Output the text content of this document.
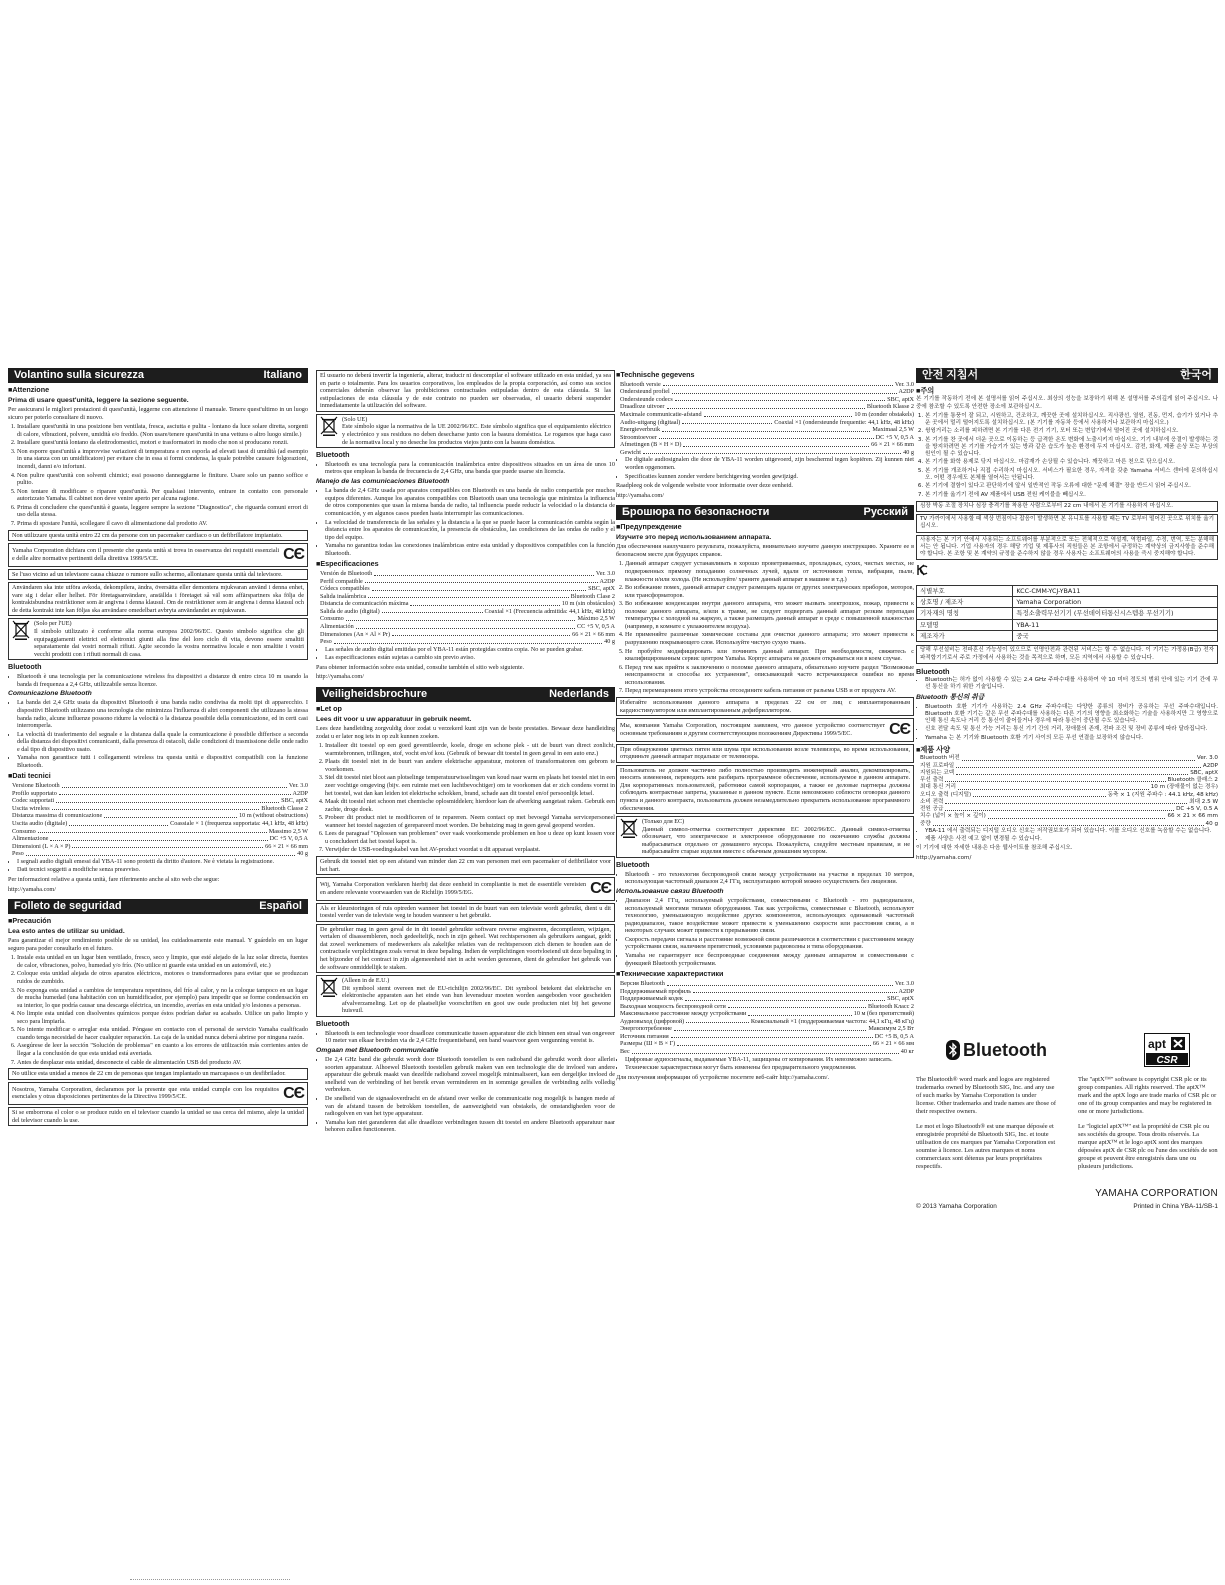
Volantino sulla sicurezza	Italiano
■Attenzione
Prima di usare quest'unità, leggere la sezione seguente.

Per assicurarsi le migliori prestazioni di quest'unità, leggerne con attenzione il manuale. Tenere quest'ultimo in un luogo sicuro per poterlo consultare di nuovo.

1. Installare quest'unità in una posizione ben ventilata, fresca, asciutta e pulita - lontano da luce solare diretta, sorgenti di calore, vibrazioni, polvere, umidità e/o freddo. (Non usare/tenere quest'unità in una vettura o altro luogo simile.)
2. Installare quest'unità lontano da elettrodomestici, motori e trasformatori in modo che non si producano ronzii.
3. Non esporre quest'unità a improvvise variazioni di temperatura e non esporla ad elevati tassi di umidità (ad esempio in una stanza con un umidificatore) per evitare che in essa si formi condensa, la quale potrebbe causare folgorazioni, incendi, danni e/o infortuni.
4. Non pulire quest'unità con solventi chimici; essi possono danneggiarne le finiture. Usare solo un panno soffice e pulito.
5. Non tentare di modificare o riparare quest'unità. Per qualsiasi intervento, entrare in contatto con personale autorizzato Yamaha. Il cabinet non deve venire aperto per alcuna ragione.
6. Prima di concludere che quest'unità è guasta, leggere sempre la sezione "Diagnostica", che riguarda comuni errori di uso della stessa.
7. Prima di spostare l'unità, scollegare il cavo di alimentazione dal prodotto AV.
Non utilizzare questa unità entro 22 cm da persone con un pacemaker cardiaco o un defibrillatore impiantato.
Yamaha Corporation dichiara con il presente che questa unità si trova in osservanza dei requisiti essenziali e delle altre normative pertinenti della direttiva 1999/5/CE.	CЄ
Se l'uso vicino ad un televisore causa chiazze o rumore sullo schermo, allontanare questa unità dal televisore.
Användaren ska inte utföra avkoda, dekompilera, ändra, översätta eller demontera mjukvaran använd i denna enhet, vare sig i delar eller helhet. För företagsanvändare, anställda i företaget så väl som affärspartners ska följa de kontraktsbundna restriktioner som är angivna i denna klausul. Om de restriktioner som är angivna i denna klausul och de detta kontrakt inte kan följas ska användare omedelbart avbryta användandet av mjukvaran.
(Solo per l'UE)
Il simbolo utilizzato è conforme alla norma europea 2002/96/EC. Questo simbolo significa che gli equipaggiamenti elettrici ed elettronici giunti alla fine del loro ciclo di vita, devono essere smaltiti separatamente dai vostri normali rifiuti. Agite secondo la vostra normativa locale e non smaltite i vostri vecchi prodotti con i rifiuti normali di casa.
Bluetooth
• Bluetooth è una tecnologia per la comunicazione wireless fra dispositivi a distanze di entro circa 10 m usando la banda di frequenza a 2,4 GHz, utilizzabile senza licenze.
Comunicazione Bluetooth
• La banda dei 2,4 GHz usata da dispositivi Bluetooth è una banda radio condivisa da molti tipi di apparecchio. I dispositivi Bluetooth utilizzano una tecnologia che minimizza l'influenza di altri componenti che utilizzano la stessa banda radio, alcune influenze possono ridurre la velocità o la distanza possibile della comunicazione, ed in certi casi interromperla.
• La velocità di trasferimento del segnale e la distanza dalla quale la comunicazione è possibile differisce a seconda della distanza dei dispositivi comunicanti, dalla presenza di ostacoli, dalle condizioni di trasmissione delle onde radio e dal tipo di dispositivo usato.
• Yamaha non garantisce tutti i collegamenti wireless tra questa unità e dispositivi compatibili con la funzione Bluetooth.
■Dati tecnici
Versione Bluetooth	Ver. 3.0
Profilo supportato	A2DP
Codec supportati	SBC, aptX
Uscita wireless	Bluetooth Classe 2
Distanza massima di comunicazione	10 m (without obstructions)
Uscita audio (digitale)	Coassiale × 1 (frequenza supportata: 44,1 kHz, 48 kHz)
Consumo	Massimo 2,5 W
Alimentazione	DC +5 V, 0,5 A
Dimensioni (L × A × P)	66 × 21 × 66 mm
Peso	40 g
• I segnali audio digitali emessi dal YBA-11 sono protetti da diritto d'autore. Ne è vietata la registrazione.
• Dati tecnici soggetti a modifiche senza preavviso.

Per informazioni relative a questa unità, fare riferimento anche al sito web che segue:

http://yamaha.com/

Folleto de seguridad	Español
■Precaución
Lea esto antes de utilizar su unidad.

Para garantizar el mejor rendimiento posible de su unidad, lea cuidadosamente este manual. Y guárdelo en un lugar seguro para poder consultarlo en el futuro.

1. Instale esta unidad en un lugar bien ventilado, fresco, seco y limpio, que esté alejado de la luz solar directa, fuentes de calor, vibraciones, polvo, humedad y/o frío. (No utilice ni guarde esta unidad en un automóvil, etc.)
2. Coloque esta unidad alejada de otros aparatos eléctricos, motores o transformadores para evitar que se produzcan ruidos de zumbido.
3. No exponga esta unidad a cambios de temperatura repentinos, del frío al calor, y no la coloque tampoco en un lugar de mucha humedad (una habitación con un humidificador, por ejemplo) para impedir que se forme condensación en su interior, lo que podría causar una descarga eléctrica, un incendio, averías en esta unidad y/o lesiones a personas.
4. No limpie esta unidad con disolventes químicos porque éstos podrían dañar su acabado. Utilice un paño limpio y seco para limpiarla.
5. No intente modificar o arreglar esta unidad. Póngase en contacto con el personal de servicio Yamaha cualificado cuando tenga necesidad de hacer cualquier reparación. La caja de la unidad nunca deberá abrirse por ninguna razón.
6. Asegúrese de leer la sección "Solución de problemas" en cuanto a los errores de utilización más corrientes antes de llegar a la conclusión de que esta unidad está averiada.
7. Antes de desplazar esta unidad, desconecte el cable de alimentación USB del producto AV.
No utilice esta unidad a menos de 22 cm de personas que tengan implantado un marcapasos o un desfibrilador.
Nosotros, Yamaha Corporation, declaramos por la presente que esta unidad cumple con los requisitos esenciales y otras disposiciones pertinentes de la Directiva 1999/5/CE.	CЄ
Si se emborrona el color o se produce ruido en el televisor cuando la unidad se usa cerca del mismo, aleje la unidad del televisor cuando la use.
El usuario no deberá invertir la ingeniería, alterar, traducir ni descompilar el software utilizado en esta unidad, ya sea en parte o totalmente. Para los usuarios corporativos, los empleados de la propia corporación, así como sus socios comerciales deberán observar las prohibiciones contractuales estipuladas dentro de esta cláusula. Si las estipulaciones de esta cláusula y de este contrato no pueden ser observadas, el usuario deberá suspender inmediatamente la utilización del software.
(Solo UE)
Este símbolo sigue la normativa de la UE 2002/96/EC. Este símbolo significa que el equipamiento eléctrico y electrónico y sus residuos no deben desecharse junto con la basura doméstica. Le rogamos que haga caso de la normativa local y no deseche los productos viejos junto con la basura doméstica.
Bluetooth
• Bluetooth es una tecnología para la comunicación inalámbrica entre dispositivos situados en un área de unos 10 metros que emplean la banda de frecuencia de 2,4 GHz, una banda que puede usarse sin licencia.
Manejo de las comunicaciones Bluetooth
• La banda de 2,4 GHz usada por aparatos compatibles con Bluetooth es una banda de radio compartida por muchos equipos diferentes. Aunque los aparatos compatibles con Bluetooth usan una tecnología que minimiza la influencia de otros componentes que usan la misma banda de radio, tal influencia puede reducir la velocidad o la distancia de comunicación, y en algunos casos pueden hasta interrumpir las comunicaciones.
• La velocidad de transferencia de las señales y la distancia a la que se puede hacer la comunicación cambia según la distancia entre los aparatos de comunicación, la presencia de obstáculos, las condiciones de las ondas de radio y el tipo del equipo.
• Yamaha no garantiza todas las conexiones inalámbricas entre esta unidad y dispositivos compatibles con la función Bluetooth.
■Especificaciones
Versión de Bluetooth	Ver. 3.0
Perfil compatible	A2DP
Códecs compatibles	SBC, aptX
Salida inalámbrica	Bluetooth Clase 2
Distancia de comunicación máxima	10 m (sin obstáculos)
Salida de audio (digital)	Coaxial ×1 (Frecuencia admitida: 44,1 kHz, 48 kHz)
Consumo	Máximo 2,5 W
Alimentación	CC +5 V, 0,5 A
Dimensiones (An × Al × Pr)	66 × 21 × 66 mm
Peso	40 g
• Las señales de audio digital emitidas por el YBA-11 están protegidas contra copia. No se pueden grabar.
• Las especificaciones están sujetas a cambio sin previo aviso.

Para obtener información sobre esta unidad, consulte también el sitio web siguiente.

http://yamaha.com/

Veiligheidsbrochure	Nederlands
■Let op
Lees dit voor u uw apparatuur in gebruik neemt.

Lees deze handleiding zorgvuldig door zodat u verzekerd kunt zijn van de beste prestaties. Bewaar deze handleiding zodat u er later nog iets in op zult kunnen zoeken.

1. Installeer dit toestel op een goed geventileerde, koele, droge en schone plek - uit de buurt van direct zonlicht, warmtebronnen, trillingen, stof, vocht en/of kou. (Gebruik of bewaar dit toestel in geen geval in een auto enz.)
2. Plaats dit toestel niet in de buurt van andere elektrische apparatuur, motoren of transformatoren om gebrom te voorkomen.
3. Stel dit toestel niet bloot aan plotselinge temperatuurwisselingen van koud naar warm en plaats het toestel niet in een zeer vochtige omgeving (bijv. een ruimte met een luchtbevochtiger) om te voorkomen dat er zich condens vormt in het toestel, wat dan kan leiden tot elektrische schokken, brand, schade aan dit toestel en/of persoonlijk letsel.
4. Maak dit toestel niet schoon met chemische oplosmiddelen; hierdoor kan de afwerking aangetast raken. Gebruik een zachte, droge doek.
5. Probeer dit product niet te modificeren of te repareren. Neem contact op met bevoegd Yamaha servicepersoneel wanneer het toestel nagezien of gerepareerd moet worden. De behuizing mag in geen geval geopend worden.
6. Lees de paragraaf "Oplossen van problemen" over vaak voorkomende problemen en hoe u deze op kunt lossen voor u concludeert dat het toestel kapot is.
7. Verwijder de USB-voedingskabel van het AV-product voordat u dit apparaat verplaatst.
Gebruik dit toestel niet op een afstand van minder dan 22 cm van personen met een pacemaker of defibrillator voor het hart.
Wij, Yamaha Corporation verklaren hierbij dat deze eenheid in compliantie is met de essentiële vereisten en andere relevante voorwaarden van de Richtlijn 1999/5/EG.	CЄ
Als er kleurstoringen of ruis optreden wanneer het toestel in de buurt van een televisie wordt gebruikt, dient u dit toestel verder van de televisie weg te houden wanneer u het gebruikt.
De gebruiker mag in geen geval de in dit toestel gebruikte software reverse engineeren, decompileren, wijzigen, vertalen of disassembleren, noch gedeeltelijk, noch in zijn geheel. Wat rechtspersonen als gebruikers aangaat, geldt dat zowel werknemers of medewerkers als zakelijke relaties van de rechtspersoon zich dienen te houden aan de contractuele verplichtingen zoals vervat in deze bepaling. Indien de verplichtingen voortvloeiend uit deze bepaling in het bijzonder of het contract in zijn algemeenheid niet in acht worden genomen, dient de gebruiker het gebruik van de software onmiddellijk te staken.
(Alleen in de E.U.)
Dit symbool stemt overeen met de EU-richtlijn 2002/96/EC. Dit symbool betekent dat elektrische en elektronische apparaten aan het einde van hun levensduur moeten worden aangeboden voor gescheiden afvalverzameling. Let op de plaatselijke voorschriften en gooi uw oude producten niet bij het gewone huisvuil.
Bluetooth
• Bluetooth is een technologie voor draadloze communicatie tussen apparatuur die zich binnen een straal van ongeveer 10 meter van elkaar bevinden via de 2,4 GHz frequentieband, een band waarvoor geen vergunning vereist is.
Omgaan met Bluetooth communicatie
• De 2,4 GHz band die gebruikt wordt door Bluetooth toestellen is een radioband die gebruikt wordt door allerlei soorten apparatuur. Alhoewel Bluetooth toestellen gebruik maken van een technologie die de invloed van andere apparatuur die gebruik maakt van dezelfde radioband zoveel mogelijk minimaliseert, kan een dergelijke invloed de snelheid van de verbinding of het bereik ervan verminderen en in sommige gevallen de verbinding zelfs volledig verbreken.
• De snelheid van de signaaloverdracht en de afstand over welke de communicatie nog mogelijk is hangen mede af van de afstand tussen de betrokken toestellen, de aanwezigheid van obstakels, de omstandigheden voor de radiogolven en van het type apparatuur.
• Yamaha kan niet garanderen dat alle draadloze verbindingen tussen dit toestel en andere Bluetooth apparatuur naar behoren zullen functioneren.
■Technische gegevens
Bluetooth versie	Ver. 3.0
Ondersteund profiel	A2DP
Ondersteunde codecs	SBC, aptX
Draadloze uitvoer	Bluetooth Klasse 2
Maximale communicatie-afstand	10 m (zonder obstakels)
Audio-uitgang (digitaal)	Coaxial ×1 (ondersteunde frequentie: 44,1 kHz, 48 kHz)
Energieverbruik	Maximaal 2,5 W
Stroomtoevoer	DC +5 V, 0,5 A
Afmetingen (B × H × D)	66 × 21 × 66 mm
Gewicht	40 g
• De digitale audiosignalen die door de YBA-11 worden uitgevoerd, zijn beschermd tegen kopiëren. Zij kunnen niet worden opgenomen.
• Specificaties kunnen zonder verdere berichtgeving worden gewijzigd.

Raadpleeg ook de volgende website voor informatie over deze eenheid.

http://yamaha.com/

Брошюра по безопасности	Русский
■Предупреждение
Изучите это перед использованием аппарата.

Для обеспечения наилучшего результата, пожалуйста, внимательно изучите данную инструкцию. Храните ее в безопасном месте для будущих справок.

1. Данный аппарат следует устанавливать в хорошо проветриваемых, прохладных, сухих, чистых местах, не подверженных прямому попаданию солнечных лучей, вдали от источников тепла, вибрации, пыли, влажности и/или холода. (Не используйте/ храните данный аппарат в машине и т.д.)
2. Во избежание помех, данный аппарат следует размещать вдали от других электрических приборов, моторов, или трансформаторов.
3. Во избежание конденсации внутри данного аппарата, что может вызвать электрошок, пожар, привести к поломке данного аппарата, и/или к травме, не следует подвергать данный аппарат резким перепадам температуры с холодной на жаркую, а также размещать данный аппарат в среде с повышенной влажностью (например, в комнате с увлажнителем воздуха).
4. Не применяйте различные химические составы для очистки данного аппарата; это может привести к разрушению покрывающего слоя. Используйте чистую сухую ткань.
5. Не пробуйте модифицировать или починить данный аппарат. При необходимости, свяжитесь с квалифицированным сервис центром Yamaha. Корпус аппарата не должен открываться ни в коем случае.
6. Перед тем как прийти к заключению о поломке данного аппарата, обязательно изучите раздел "Возможные неисправности и способы их устранения", описывающий часто встречающиеся ошибки во время использования.
7. Перед перемещением этого устройства отсоедините кабель питания от разъема USB и от продукта AV.
Избегайте использования данного аппарата в пределах 22 см от лиц с имплантированным кардиостимулятором или имплантированным дефибриллятором.
Мы, компания Yamaha Corporation, постоящим заявляем, что данное устройство соответствует основным требованиям и другим соответствующим положениям Директивы 1999/5/EC.	CЄ
При обнаружении цветных пятен или шума при использовании возле телевизора, во время использования, отодвиньте данный аппарат подальше от телевизора.
Пользователь не должен частично либо полностью производить инженерный анализ, декомпилировать, вносить изменения, переводить или разбирать программное обеспечение, используемое в данном аппарате. Для корпоративных пользователей, работники самой корпорации, а также ее деловые партнеры должны соблюдать контрактные запреты, указанные в данном пункте. Если невозможно соблюсти оговорки данного пункта и данного контракта, пользователь должен незамедлительно прекратить использование программного обеспечения.
(Только для ЕС)
Данный символ-отметка соответствует директиве ЕС 2002/96/EC. Данный символ-отметка обозначает, что электрическое и электронное оборудование по окончанию службы должны выбрасываться отдельно от домашнего мусора. Пожалуйста, следуйте местным правилам, и не выбрасывайте старые изделия вместе с обычным домашним мусором.
Bluetooth
• Bluetooth - это технология беспроводной связи между устройствами на участке в пределах 10 метров, использующая частотный диапазон 2,4 ГГц, эксплуатацию которой можно осуществлять без лицензии.
Использование связи Bluetooth
• Диапазон 2,4 ГГц, используемый устройствами, совместимыми с Bluetooth - это радиодиапазон, используемый многими типами оборудования. Так как устройства, совместимые с Bluetooth, используют технологию, уменьшающую воздействие других компонентов, использующих одинаковый частотный радиодиапазон, такое воздействие может привести к уменьшению скорости или расстояния связи, а в некоторых случаях может привести к прерыванию связи.
• Скорость передачи сигнала и расстояние возможной связи различаются в соответствии с расстоянием между устройствами связи, наличием препятствий, условиями радиоволны и типа оборудования.
• Yamaha не гарантирует все беспроводные соединения между данным аппаратом и совместимыми с функцией Bluetooth устройствами.
■Технические характеристики
Версия Bluetooth	Ver. 3.0
Поддерживаемый профиль	A2DP
Поддерживаемый кодек	SBC, aptX
Выходная мощность беспроводной сети	Bluetooth Класс 2
Максимальное расстояние между устройствами	10 м (без препятствий)
Аудиовыход (цифровой)	Коаксиальный ×1 (поддерживаемая частота: 44,1 кГц, 48 кГц)
Энергопотребление	Максимум 2,5 Вт
Источник питания	DC +5 В, 0,5 А
Размеры (Ш × В × Г)	66 × 21 × 66 мм
Вес	40 кг
• Цифровые аудиосигналы, выдаваемые YBA-11, защищены от копирования. Их невозможно записать.
• Технические характеристики могут быть изменены без предварительного уведомления.

Для получения информации об устройстве посетите веб-сайт http://yamaha.com/.

안전 지침서	한국어
■주의

본 기기를 작동하기 전에 본 설명서를 읽어 주십시오. 최상의 성능을 보장하기 위해 본 설명서를 주의깊게 읽어 주십시오. 나중에 참조할 수 있도록 안전한 장소에 보관하십시오.

1. 본 기기를 통풍이 잘 되고, 시원하고, 건조하고, 깨끗한 곳에 설치하십시오. 직사광선, 열원, 진동, 먼지, 습기가 있거나 추운 곳에서 멀리 떨어지도록 설치하십시오. (본 기기를 자동차 등에서 사용하거나 보관하지 마십시오.)
2. 윙윙거리는 소리를 피하려면 본 기기를 다른 전기 기기, 모터 또는 변압기에서 떨어진 곳에 설치하십시오.
3. 본 기기를 찬 곳에서 더운 곳으로 이동하는 등 급격한 온도 변화에 노출시키지 마십시오. 기기 내부에 응결이 발생하는 것을 방지하려면 본 기기를 가습기가 있는 방과 같은 습도가 높은 환경에 두지 마십시오. 감전, 화재, 제품 손상 또는 부상의 원인이 될 수 있습니다.
4. 본 기기를 화학 용제로 닦지 마십시오. 마감재가 손상될 수 있습니다. 깨끗하고 마른 천으로 닦으십시오.
5. 본 기기를 개조하거나 직접 수리하지 마십시오. 서비스가 필요한 경우, 자격을 갖춘 Yamaha 서비스 센터에 문의하십시오. 어떤 경우에도 본체를 열어서는 안됩니다.
6. 본 기기에 결함이 있다고 판단하기에 앞서 일반적인 작동 오류에 대한 "문제 해결" 장을 반드시 읽어 주십시오.
7. 본 기기를 옮기기 전에 AV 제품에서 USB 전원 케이블을 빼십시오.
심장 박동 조절 장치나 심장 충격기를 착용한 사람으로부터 22 cm 내에서 본 기기를 사용하지 마십시오.
TV 가까이에서 사용할 때 색상 번짐이나 잡음이 발생하면 본 유니트를 사용할 때는 TV 로부터 떨어진 곳으로 위치를 옮기십시오.
사용자는 본 기기 안에서 사용되는 소프트웨어를 부분적으로 또는 전체적으로 역설계, 역컴파일, 수정, 번역, 또는 분해해서는 안 됩니다. 기업 사용자의 경우 해당 기업 및 제휴사의 직원들은 본 조항에서 규정하는 계약상의 금지사항을 준수해야 합니다. 본 조항 및 본 계약의 규정을 준수하지 않을 경우 사용자는 소프트웨어의 사용을 즉시 중지해야 합니다.
식별부호	KCC-CMM-YCJ-YBA11
상호명 / 제조자	Yamaha Corporation
기자재의 명칭	특정소출력무선기기 (무선데이터통신시스템용 무선기기)
모델명	YBA-11
제조자가	중국
당해 무선설비는 전파혼신 가능성이 있으므로 인명안전과 관련된 서비스는 할 수 없습니다. 이 기기는 가정용(B급) 전자파적합기기로서 주로 가정에서 사용하는 것을 목적으로 하며, 모든 지역에서 사용할 수 있습니다.
Bluetooth
• Bluetooth는 허가 없이 사용할 수 있는 2.4 GHz 주파수대를 사용하여 약 10 미터 정도의 범위 안에 있는 기기 간에 무선 통신을 하기 위한 기술입니다.
Bluetooth 통신의 취급
• Bluetooth 호환 기기가 사용하는 2.4 GHz 주파수대는 다양한 종류의 장비가 공유하는 무선 주파수대입니다. Bluetooth 호환 기기는 같은 무선 주파수대를 사용하는 다른 기기의 영향을 최소화하는 기술을 사용하지만 그 영향으로 인해 통신 속도나 거리 등 통신이 줄어들거나 경우에 따라 통신이 중단될 수도 있습니다.
• 신호 전달 속도 및 통신 가능 거리는 통신 기기 간의 거리, 장애물의 존재, 전파 조건 및 장비 종류에 따라 달라집니다.
• Yamaha 는 본 기기와 Bluetooth 호환 기기 사이의 모든 무선 연결을 보장하지 않습니다.
■제품 사양
Bluetooth 버전	Ver. 3.0
지원 프로파일	A2DP
지원되는 코덱	SBC, aptX
무선 출력	Bluetooth 클래스 2
최대 통신 거리	10 m (장애물이 없는 경우)
오디오 출력 (디지털)	동축 × 1 (지원 주파수 : 44.1 kHz, 48 kHz)
소비 전력	최대 2.5 W
전원 공급	DC +5 V, 0.5 A
치수 (넓이 × 높이 × 깊이)	66 × 21 × 66 mm
중량	40 g
• YBA-11 에서 출력되는 디지털 오디오 신호는 저작권보호가 되어 있습니다. 이를 오디오 신호를 녹음할 수는 없습니다.
• 제품 사양은 사전 예고 없이 변경될 수 있습니다.

이 기기에 대한 자세한 내용은 다음 웹사이트를 참조해 주십시오.

http://yamaha.com/

Bluetooth	apt
CSR

The Bluetooth® word mark and logos are registered trademarks owned by Bluetooth SIG, Inc. and any use of such marks by Yamaha Corporation is under license. Other trademarks and trade names are those of their respective owners.

Le mot et logo Bluetooth® est une marque déposée et enregistrée propriété de Bluetooth SIG, Inc. et toute utilisation de ces marques par Yamaha Corporation est soumise à licence. Les autres marques et noms commerciaux sont détenus par leurs propriétaires respectifs.

The "aptX™" software is copyright CSR plc or its group companies. All rights reserved. The aptX™ mark and the aptX logo are trade marks of CSR plc or one of its group companies and may be registered in one or more jurisdictions.

Le "logiciel aptX™" est la propriété de CSR plc ou ses sociétés du groupe. Tous droits réservés. La marque aptX™ et le logo aptX sont des marques déposées aptX de CSR plc ou l'une des sociétés de son groupe et peuvent être enregistrés dans une ou plusieurs juridictions.

YAMAHA CORPORATION
© 2013 Yamaha Corporation	Printed in China YBA-11/SB-1
